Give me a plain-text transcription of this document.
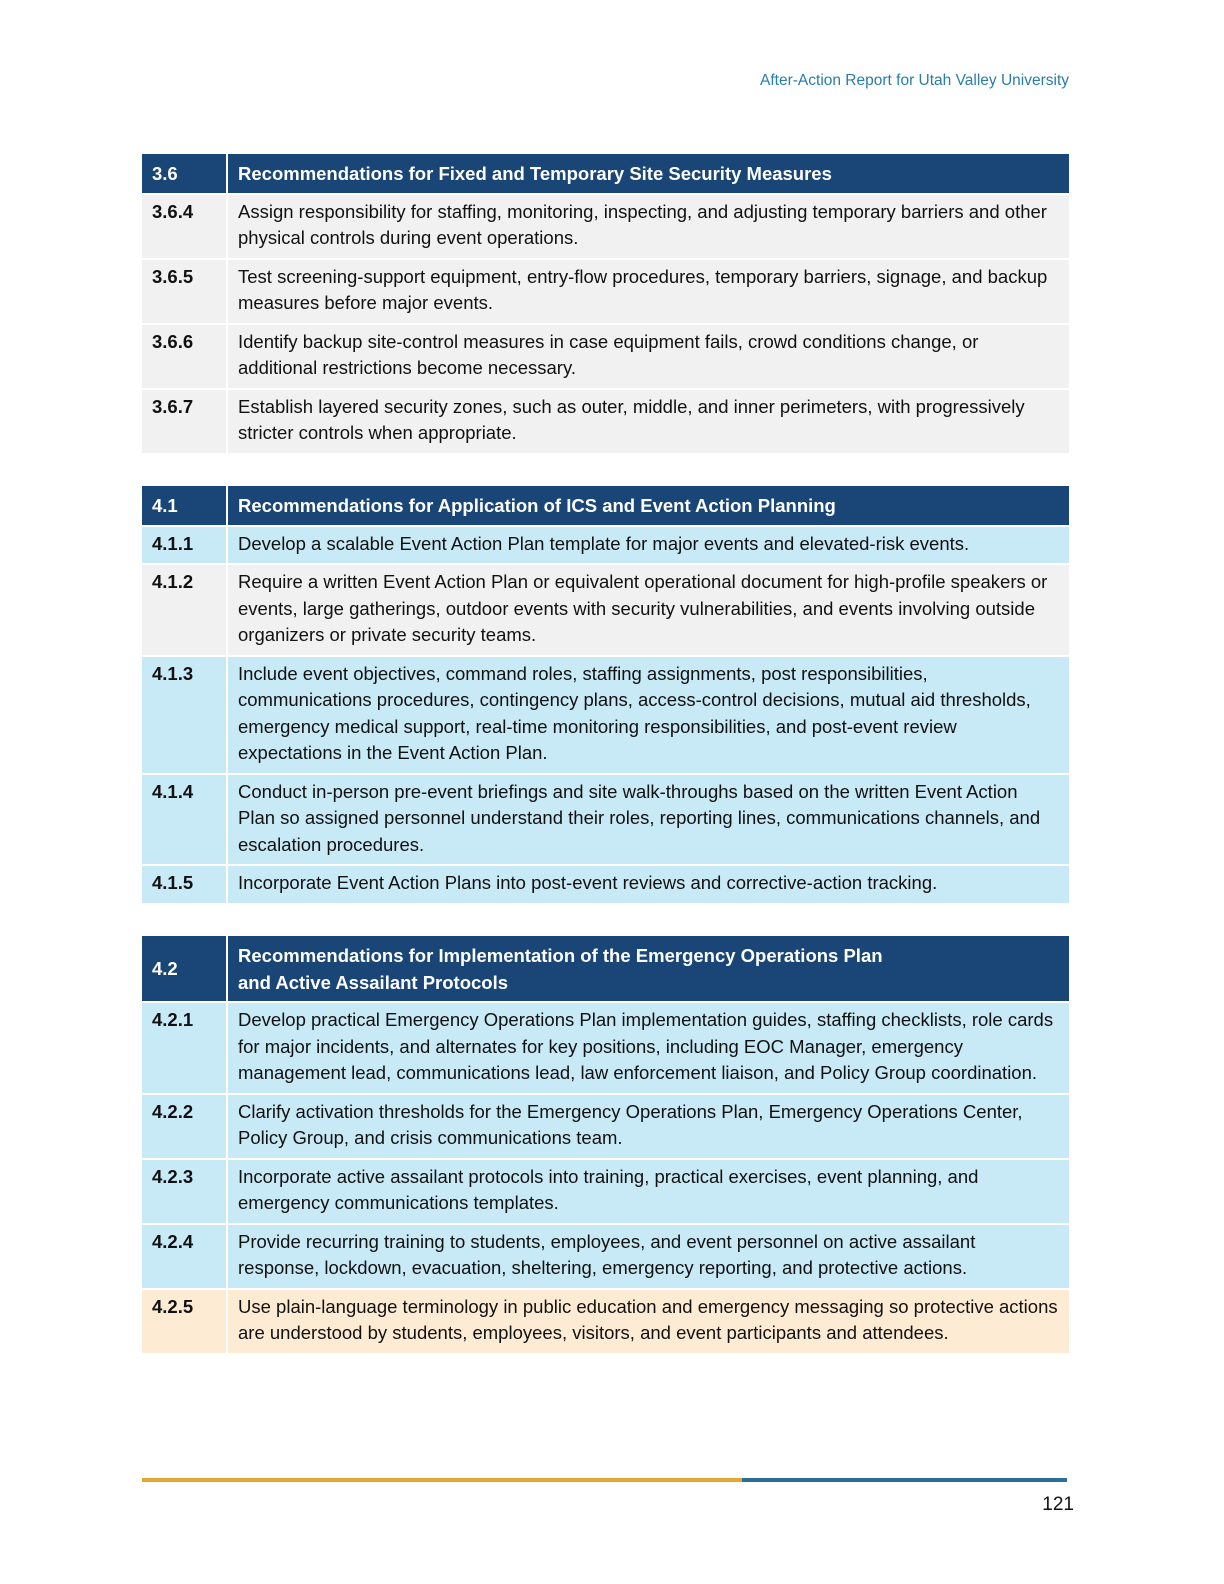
After-Action Report for Utah Valley University
3.6	Recommendations for Fixed and Temporary Site Security Measures
3.6.4	Assign responsibility for staffing, monitoring, inspecting, and adjusting temporary barriers and other physical controls during event operations.
3.6.5	Test screening-support equipment, entry-flow procedures, temporary barriers, signage, and backup measures before major events.
3.6.6	Identify backup site-control measures in case equipment fails, crowd conditions change, or additional restrictions become necessary.
3.6.7	Establish layered security zones, such as outer, middle, and inner perimeters, with progressively stricter controls when appropriate.
4.1	Recommendations for Application of ICS and Event Action Planning
4.1.1	Develop a scalable Event Action Plan template for major events and elevated-risk events.
4.1.2	Require a written Event Action Plan or equivalent operational document for high-profile speakers or events, large gatherings, outdoor events with security vulnerabilities, and events involving outside organizers or private security teams.
4.1.3	Include event objectives, command roles, staffing assignments, post responsibilities, communications procedures, contingency plans, access-control decisions, mutual aid thresholds, emergency medical support, real-time monitoring responsibilities, and post-event review expectations in the Event Action Plan.
4.1.4	Conduct in-person pre-event briefings and site walk-throughs based on the written Event Action Plan so assigned personnel understand their roles, reporting lines, communications channels, and escalation procedures.
4.1.5	Incorporate Event Action Plans into post-event reviews and corrective-action tracking.
4.2	Recommendations for Implementation of the Emergency Operations Plan
and Active Assailant Protocols

4.2.1	Develop practical Emergency Operations Plan implementation guides, staffing checklists, role cards for major incidents, and alternates for key positions, including EOC Manager, emergency management lead, communications lead, law enforcement liaison, and Policy Group coordination.
4.2.2	Clarify activation thresholds for the Emergency Operations Plan, Emergency Operations Center, Policy Group, and crisis communications team.
4.2.3	Incorporate active assailant protocols into training, practical exercises, event planning, and emergency communications templates.
4.2.4	Provide recurring training to students, employees, and event personnel on active assailant response, lockdown, evacuation, sheltering, emergency reporting, and protective actions.
4.2.5	Use plain-language terminology in public education and emergency messaging so protective actions are understood by students, employees, visitors, and event participants and attendees.
121
